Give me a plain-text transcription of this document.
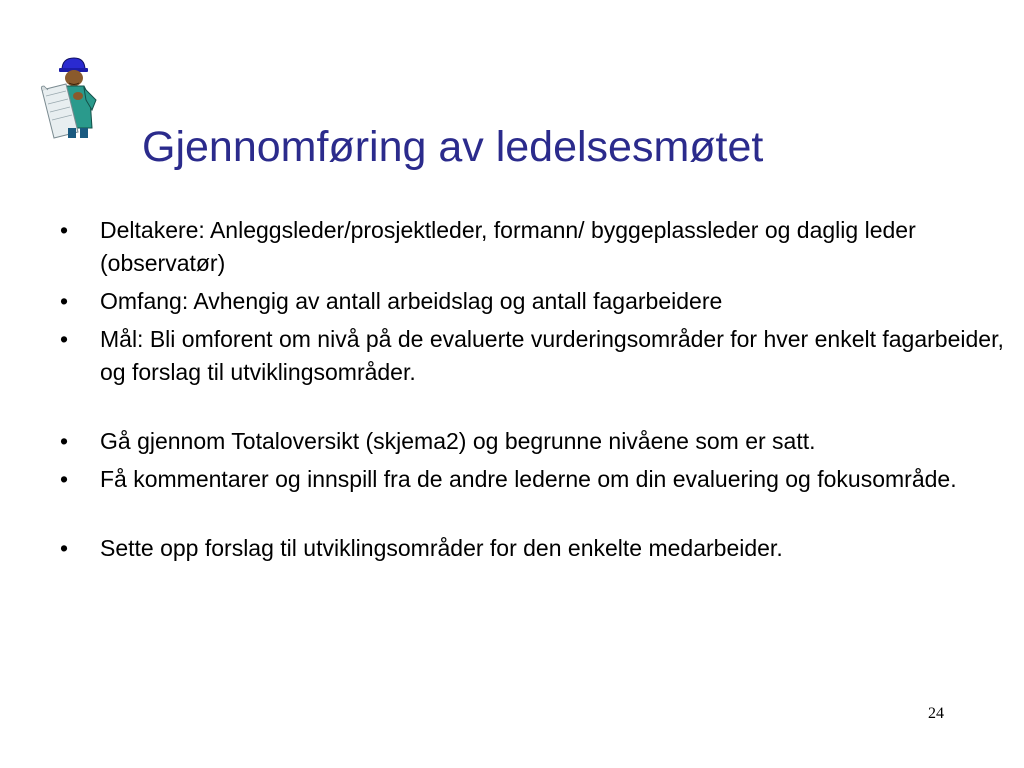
Gjennomføring av ledelsesmøtet
• Deltakere: Anleggsleder/prosjektleder, formann/ byggeplassleder og daglig leder (observatør)
• Omfang: Avhengig av antall arbeidslag og antall fagarbeidere
• Mål: Bli omforent om nivå på de evaluerte vurderingsområder for hver enkelt fagarbeider, og forslag til utviklingsområder.
• Gå gjennom Totaloversikt (skjema2) og begrunne nivåene som er satt.
• Få kommentarer og innspill fra de andre lederne om din evaluering og fokusområde.
• Sette opp forslag til utviklingsområder for den enkelte medarbeider.
24
